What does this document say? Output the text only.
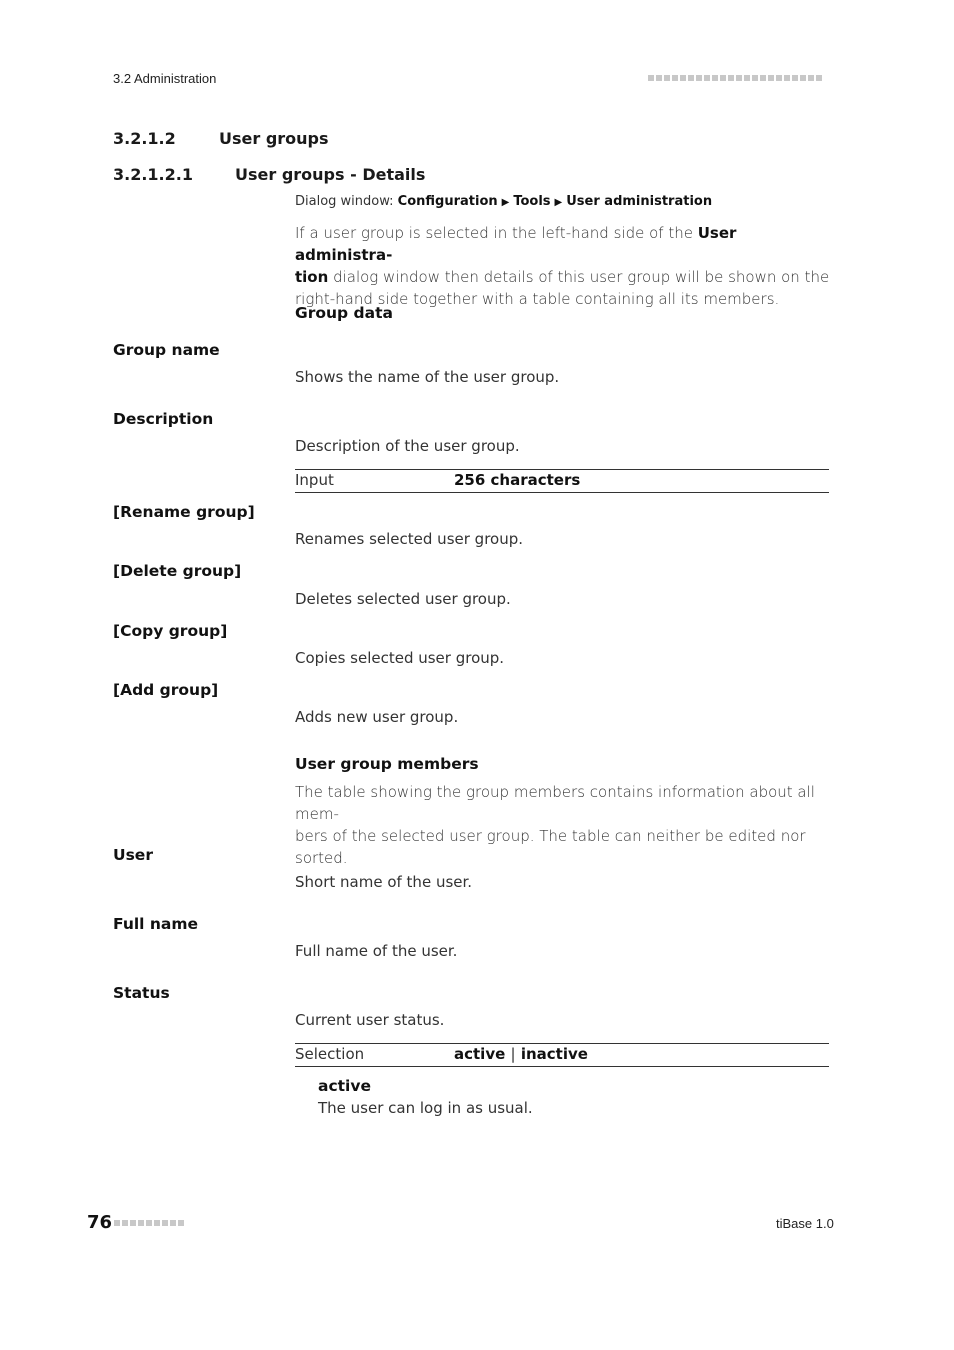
3.2 Administration
3.2.1.2	User groups
3.2.1.2.1	User groups - Details
Dialog window: Configuration ▶ Tools ▶ User administration
If a user group is selected in the left-hand side of the User administra-
tion dialog window then details of this user group will be shown on the
right-hand side together with a table containing all its members.
Group data
Group name
Shows the name of the user group.
Description
Description of the user group.
Input	256 characters
[Rename group]
Renames selected user group.
[Delete group]
Deletes selected user group.
[Copy group]
Copies selected user group.
[Add group]
Adds new user group.
User group members
The table showing the group members contains information about all mem-
bers of the selected user group. The table can neither be edited nor sorted.
User
Short name of the user.
Full name
Full name of the user.
Status
Current user status.
Selection	active | inactive
active
The user can log in as usual.
76	tiBase 1.0
